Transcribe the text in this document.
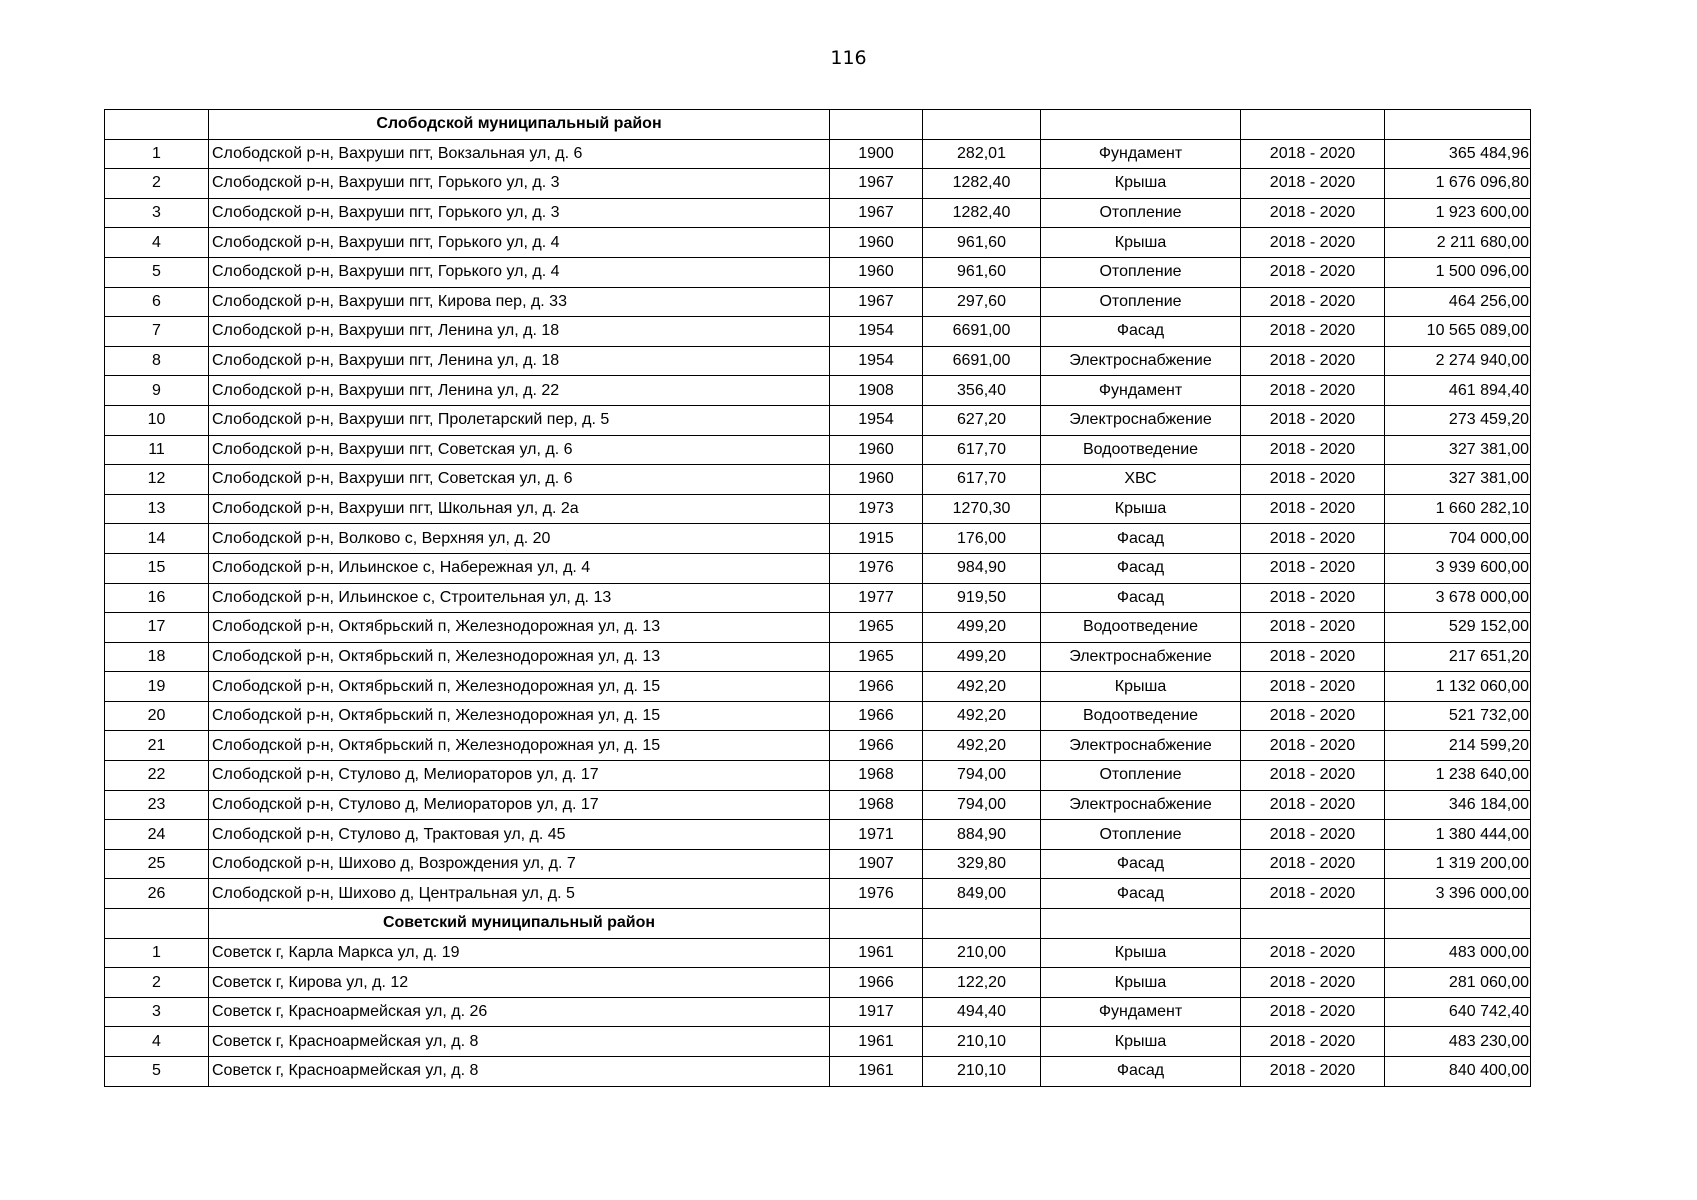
116
	Слободской муниципальный район					
1	Слободской р-н, Вахруши пгт, Вокзальная ул, д. 6	1900	282,01	Фундамент	2018 - 2020	365 484,96
2	Слободской р-н, Вахруши пгт, Горького ул, д. 3	1967	1282,40	Крыша	2018 - 2020	1 676 096,80
3	Слободской р-н, Вахруши пгт, Горького ул, д. 3	1967	1282,40	Отопление	2018 - 2020	1 923 600,00
4	Слободской р-н, Вахруши пгт, Горького ул, д. 4	1960	961,60	Крыша	2018 - 2020	2 211 680,00
5	Слободской р-н, Вахруши пгт, Горького ул, д. 4	1960	961,60	Отопление	2018 - 2020	1 500 096,00
6	Слободской р-н, Вахруши пгт, Кирова пер, д. 33	1967	297,60	Отопление	2018 - 2020	464 256,00
7	Слободской р-н, Вахруши пгт, Ленина ул, д. 18	1954	6691,00	Фасад	2018 - 2020	10 565 089,00
8	Слободской р-н, Вахруши пгт, Ленина ул, д. 18	1954	6691,00	Электроснабжение	2018 - 2020	2 274 940,00
9	Слободской р-н, Вахруши пгт, Ленина ул, д. 22	1908	356,40	Фундамент	2018 - 2020	461 894,40
10	Слободской р-н, Вахруши пгт, Пролетарский пер, д. 5	1954	627,20	Электроснабжение	2018 - 2020	273 459,20
11	Слободской р-н, Вахруши пгт, Советская ул, д. 6	1960	617,70	Водоотведение	2018 - 2020	327 381,00
12	Слободской р-н, Вахруши пгт, Советская ул, д. 6	1960	617,70	ХВС	2018 - 2020	327 381,00
13	Слободской р-н, Вахруши пгт, Школьная ул, д. 2а	1973	1270,30	Крыша	2018 - 2020	1 660 282,10
14	Слободской р-н, Волково с, Верхняя ул, д. 20	1915	176,00	Фасад	2018 - 2020	704 000,00
15	Слободской р-н, Ильинское с, Набережная ул, д. 4	1976	984,90	Фасад	2018 - 2020	3 939 600,00
16	Слободской р-н, Ильинское с, Строительная ул, д. 13	1977	919,50	Фасад	2018 - 2020	3 678 000,00
17	Слободской р-н, Октябрьский п, Железнодорожная ул, д. 13	1965	499,20	Водоотведение	2018 - 2020	529 152,00
18	Слободской р-н, Октябрьский п, Железнодорожная ул, д. 13	1965	499,20	Электроснабжение	2018 - 2020	217 651,20
19	Слободской р-н, Октябрьский п, Железнодорожная ул, д. 15	1966	492,20	Крыша	2018 - 2020	1 132 060,00
20	Слободской р-н, Октябрьский п, Железнодорожная ул, д. 15	1966	492,20	Водоотведение	2018 - 2020	521 732,00
21	Слободской р-н, Октябрьский п, Железнодорожная ул, д. 15	1966	492,20	Электроснабжение	2018 - 2020	214 599,20
22	Слободской р-н, Стулово д, Мелиораторов ул, д. 17	1968	794,00	Отопление	2018 - 2020	1 238 640,00
23	Слободской р-н, Стулово д, Мелиораторов ул, д. 17	1968	794,00	Электроснабжение	2018 - 2020	346 184,00
24	Слободской р-н, Стулово д, Трактовая ул, д. 45	1971	884,90	Отопление	2018 - 2020	1 380 444,00
25	Слободской р-н, Шихово д, Возрождения ул, д. 7	1907	329,80	Фасад	2018 - 2020	1 319 200,00
26	Слободской р-н, Шихово д, Центральная ул, д. 5	1976	849,00	Фасад	2018 - 2020	3 396 000,00
	Советский муниципальный район					
1	Советск г, Карла Маркса ул, д. 19	1961	210,00	Крыша	2018 - 2020	483 000,00
2	Советск г, Кирова ул, д. 12	1966	122,20	Крыша	2018 - 2020	281 060,00
3	Советск г, Красноармейская ул, д. 26	1917	494,40	Фундамент	2018 - 2020	640 742,40
4	Советск г, Красноармейская ул, д. 8	1961	210,10	Крыша	2018 - 2020	483 230,00
5	Советск г, Красноармейская ул, д. 8	1961	210,10	Фасад	2018 - 2020	840 400,00
